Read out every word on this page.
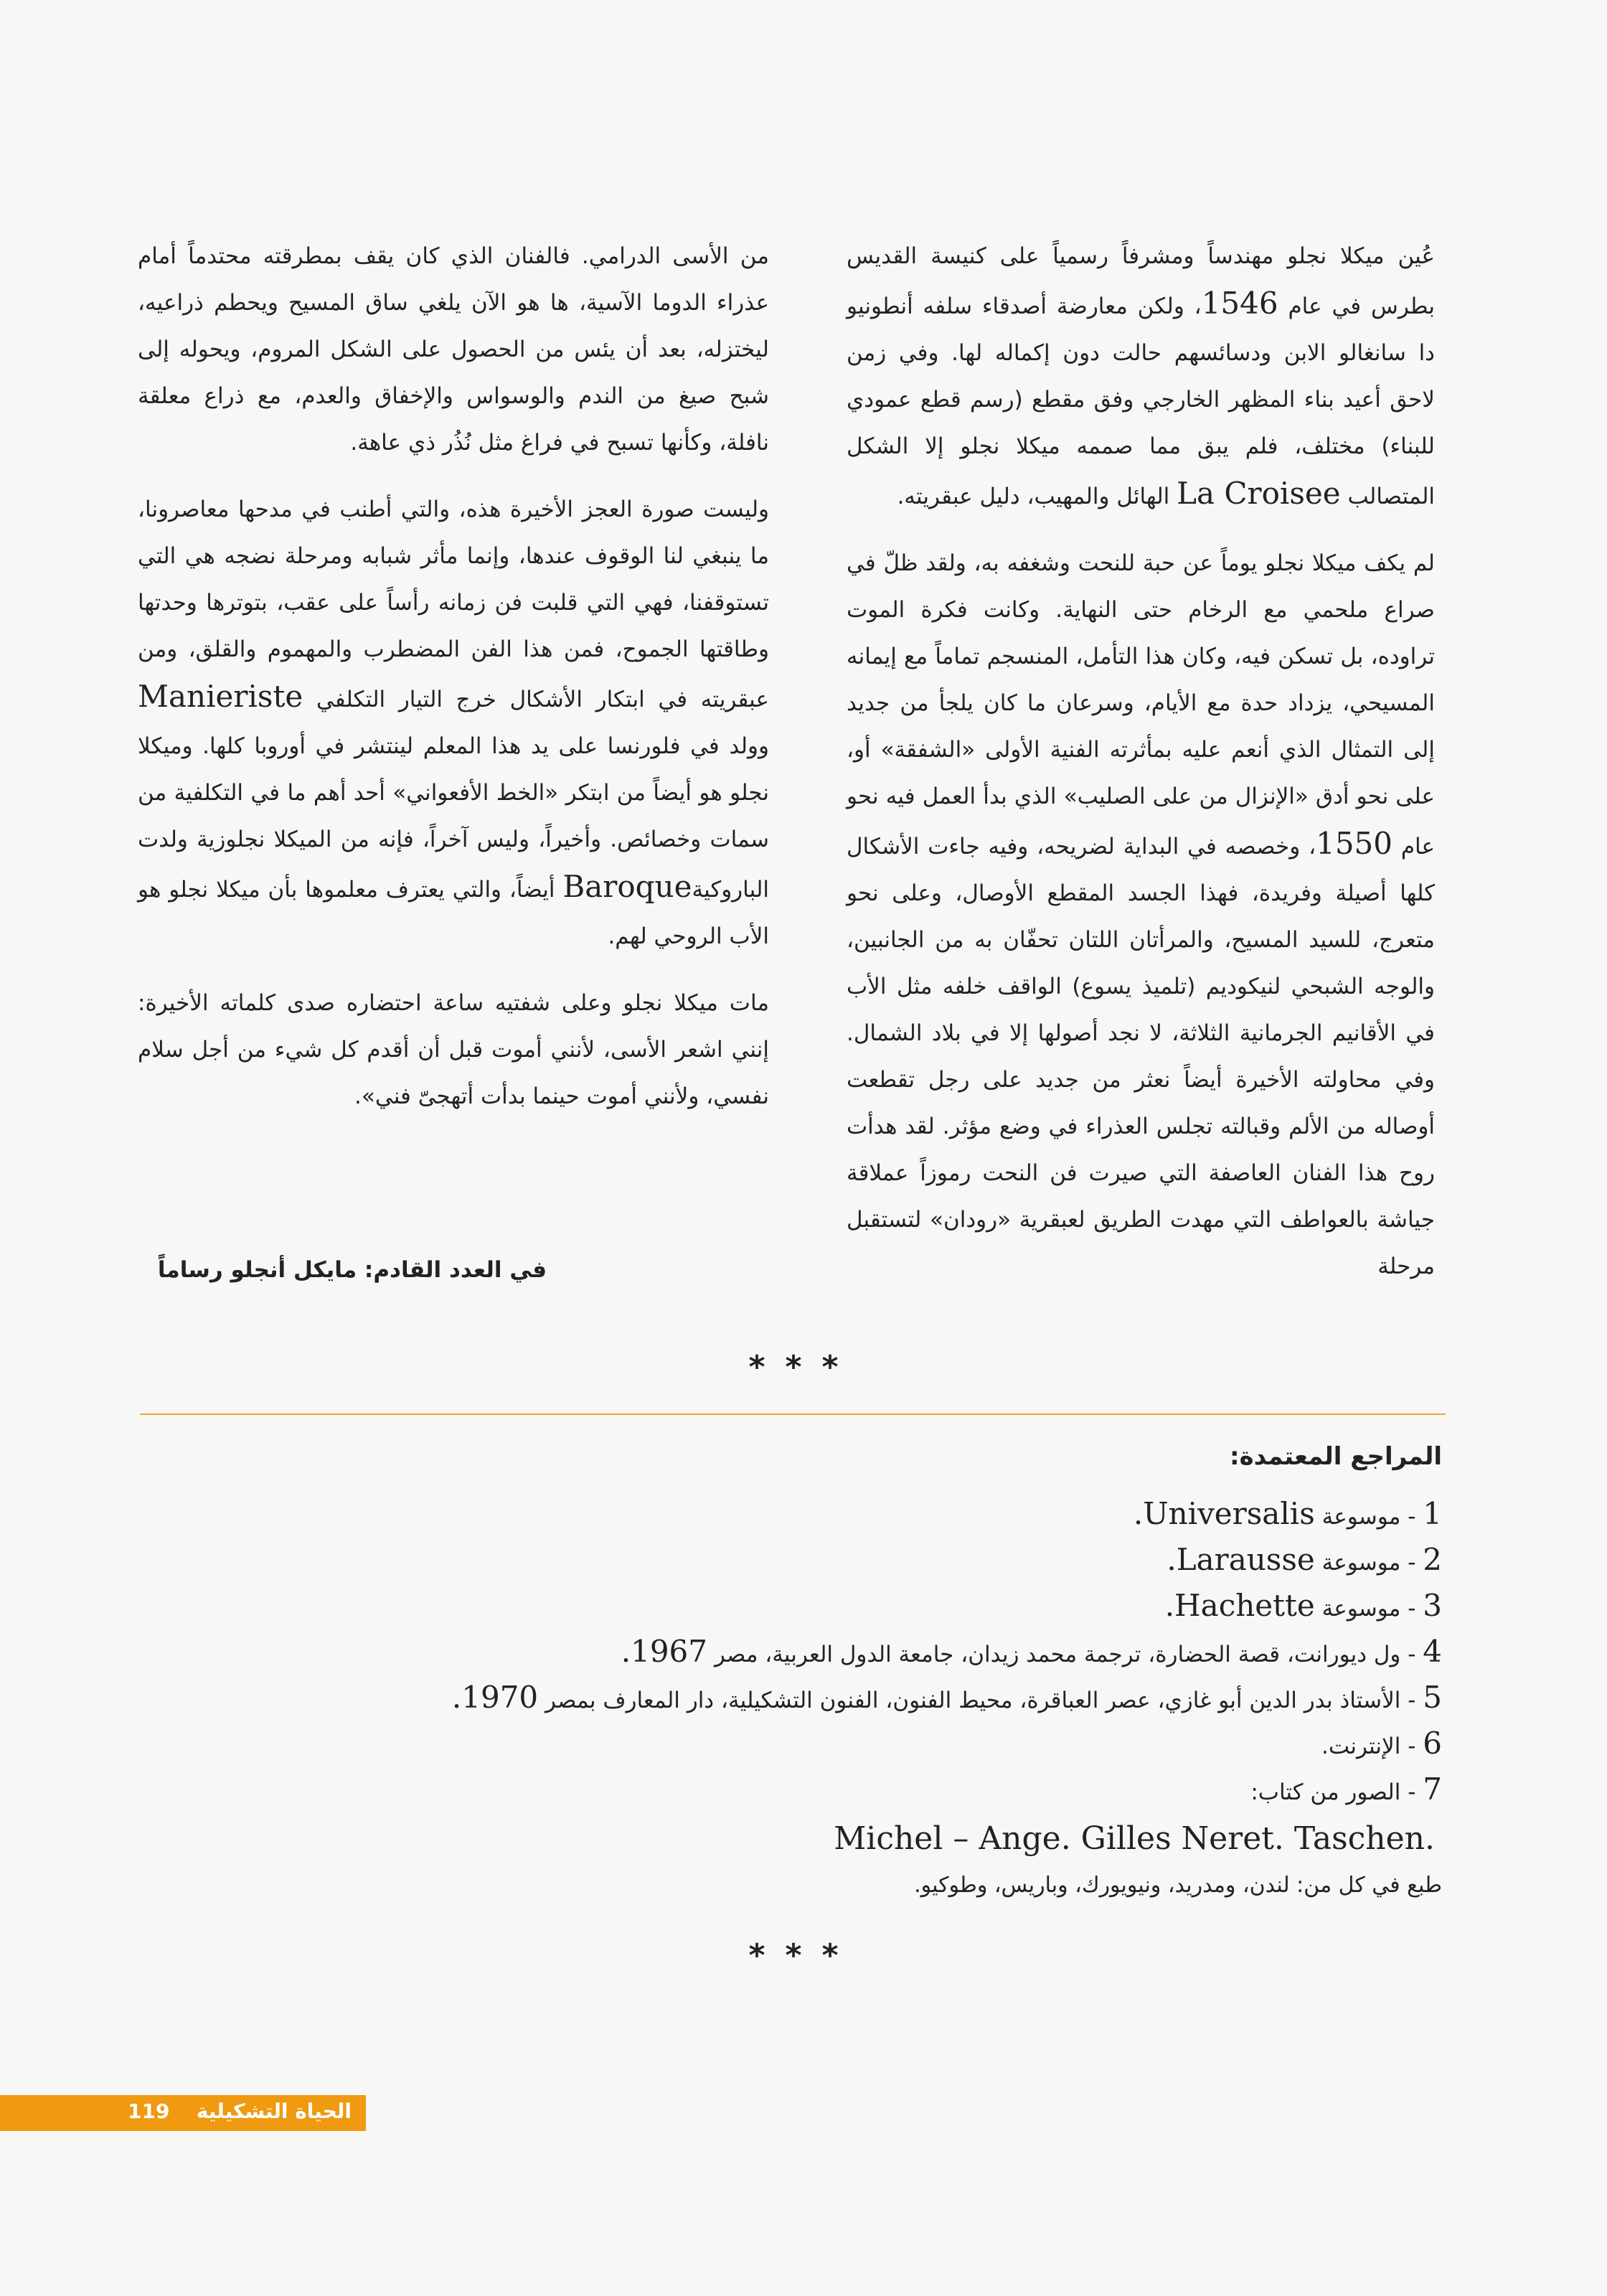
عُين ميكلا نجلو مهندساً ومشرفاً رسمياً على كنيسة القديس بطرس في عام 1546، ولكن معارضة أصدقاء سلفه أنطونيو دا سانغالو الابن ودسائسهم حالت دون إكماله لها. وفي زمن لاحق أعيد بناء المظهر الخارجي وفق مقطع (رسم قطع عمودي للبناء) مختلف، فلم يبق مما صممه ميكلا نجلو إلا الشكل المتصالب La Croisee الهائل والمهيب، دليل عبقريته.

لم يكف ميكلا نجلو يوماً عن حبة للنحت وشغفه به، ولقد ظلّ في صراع ملحمي مع الرخام حتى النهاية. وكانت فكرة الموت تراوده، بل تسكن فيه، وكان هذا التأمل، المنسجم تماماً مع إيمانه المسيحي، يزداد حدة مع الأيام، وسرعان ما كان يلجأ من جديد إلى التمثال الذي أنعم عليه بمأثرته الفنية الأولى «الشفقة» أو، على نحو أدق «الإنزال من على الصليب» الذي بدأ العمل فيه نحو عام 1550، وخصصه في البداية لضريحه، وفيه جاءت الأشكال كلها أصيلة وفريدة، فهذا الجسد المقطع الأوصال، وعلى نحو متعرج، للسيد المسيح، والمرأتان اللتان تحفّان به من الجانبين، والوجه الشبحي لنيكوديم (تلميذ يسوع) الواقف خلفه مثل الأب في الأقانيم الجرمانية الثلاثة، لا نجد أصولها إلا في بلاد الشمال. وفي محاولته الأخيرة أيضاً نعثر من جديد على رجل تقطعت أوصاله من الألم وقبالته تجلس العذراء في وضع مؤثر. لقد هدأت روح هذا الفنان العاصفة التي صيرت فن النحت رموزاً عملاقة جياشة بالعواطف التي مهدت الطريق لعبقرية «رودان» لتستقبل مرحلة

من الأسى الدرامي. فالفنان الذي كان يقف بمطرقته محتدماً أمام عذراء الدوما الآسية، ها هو الآن يلغي ساق المسيح ويحطم ذراعيه، ليختزله، بعد أن يئس من الحصول على الشكل المروم، ويحوله إلى شبح صيغ من الندم والوسواس والإخفاق والعدم، مع ذراع معلقة نافلة، وكأنها تسبح في فراغ مثل نُذُر ذي عاهة.

وليست صورة العجز الأخيرة هذه، والتي أطنب في مدحها معاصرونا، ما ينبغي لنا الوقوف عندها، وإنما مأثر شبابه ومرحلة نضجه هي التي تستوقفنا، فهي التي قلبت فن زمانه رأساً على عقب، بتوترها وحدتها وطاقتها الجموح، فمن هذا الفن المضطرب والمهموم والقلق، ومن عبقريته في ابتكار الأشكال خرج التيار التكلفي Manieriste وولد في فلورنسا على يد هذا المعلم لينتشر في أوروبا كلها. وميكلا نجلو هو أيضاً من ابتكر «الخط الأفعواني» أحد أهم ما في التكلفية من سمات وخصائص. وأخيراً، وليس آخراً، فإنه من الميكلا نجلوزية ولدت الباروكيةBaroque أيضاً، والتي يعترف معلموها بأن ميكلا نجلو هو الأب الروحي لهم.

مات ميكلا نجلو وعلى شفتيه ساعة احتضاره صدى كلماته الأخيرة: إنني اشعر الأسى، لأنني أموت قبل أن أقدم كل شيء من أجل سلام نفسي، ولأنني أموت حينما بدأت أتهجىّ فني».

في العدد القادم: مايكل أنجلو رساماً
***
المراجع المعتمدة:
1 - موسوعة Universalis.
2 - موسوعة Larausse.
3 - موسوعة Hachette.
4 - ول ديورانت، قصة الحضارة، ترجمة محمد زيدان، جامعة الدول العربية، مصر 1967.
5 - الأستاذ بدر الدين أبو غازي، عصر العباقرة، محيط الفنون، الفنون التشكيلية، دار المعارف بمصر 1970.
6 - الإنترنت.
7 - الصور من كتاب:
Michel – Ange. Gilles Neret. Taschen.
طبع في كل من: لندن، ومدريد، ونيويورك، وباريس، وطوكيو.
***
119 الحياة التشكيلية
